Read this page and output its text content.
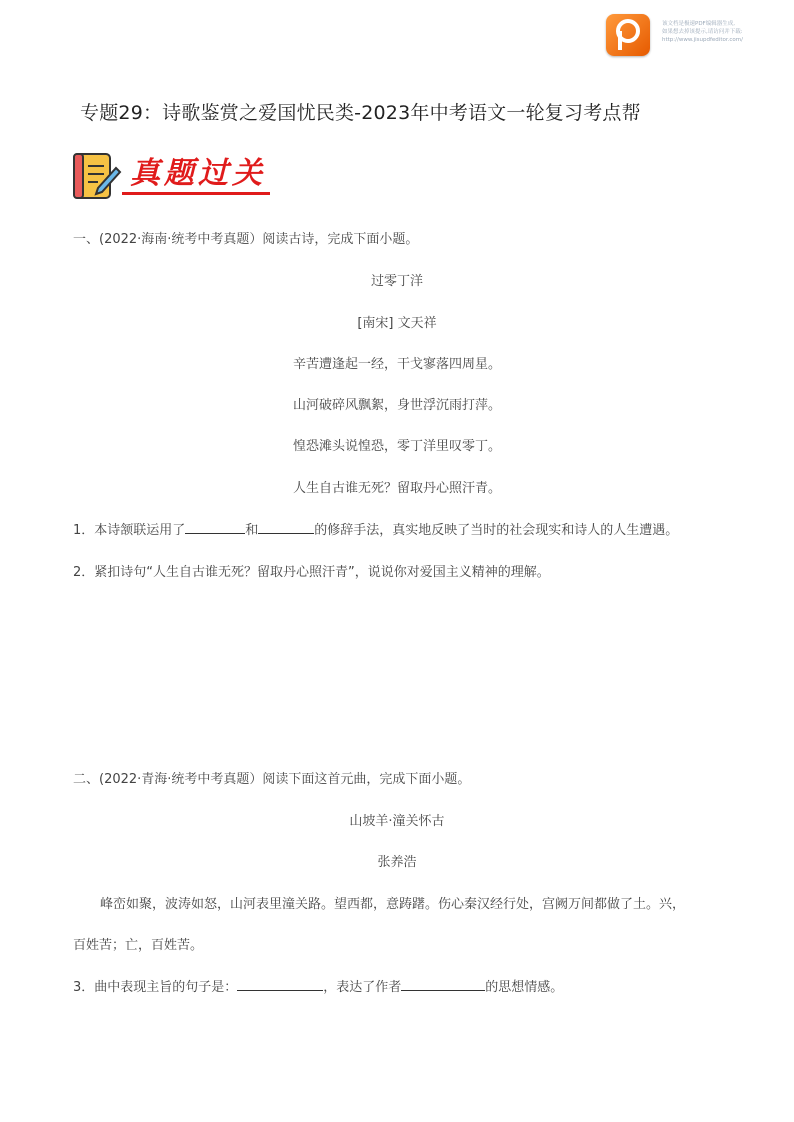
该文档是极速PDF编辑器生成,
如果想去掉该提示,请访问并下载:
http://www.jisupdfeditor.com/
专题29：诗歌鉴赏之爱国忧民类-2023年中考语文一轮复习考点帮
真题过关
一、(2022·海南·统考中考真题）阅读古诗，完成下面小题。
过零丁洋
[南宋] 文天祥
辛苦遭逢起一经，干戈寥落四周星。
山河破碎风飘絮，身世浮沉雨打萍。
惶恐滩头说惶恐，零丁洋里叹零丁。
人生自古谁无死？留取丹心照汗青。
1．本诗颔联运用了	和	的修辞手法，真实地反映了当时的社会现实和诗人的人生遭遇。
2．紧扣诗句“人生自古谁无死？留取丹心照汗青”，说说你对爱国主义精神的理解。
二、(2022·青海·统考中考真题）阅读下面这首元曲，完成下面小题。
山坡羊·潼关怀古
张养浩
峰峦如聚，波涛如怒，山河表里潼关路。望西都，意踌躇。伤心秦汉经行处，宫阙万间都做了土。兴，
百姓苦；亡，百姓苦。
3．曲中表现主旨的句子是：	，表达了作者	的思想情感。
